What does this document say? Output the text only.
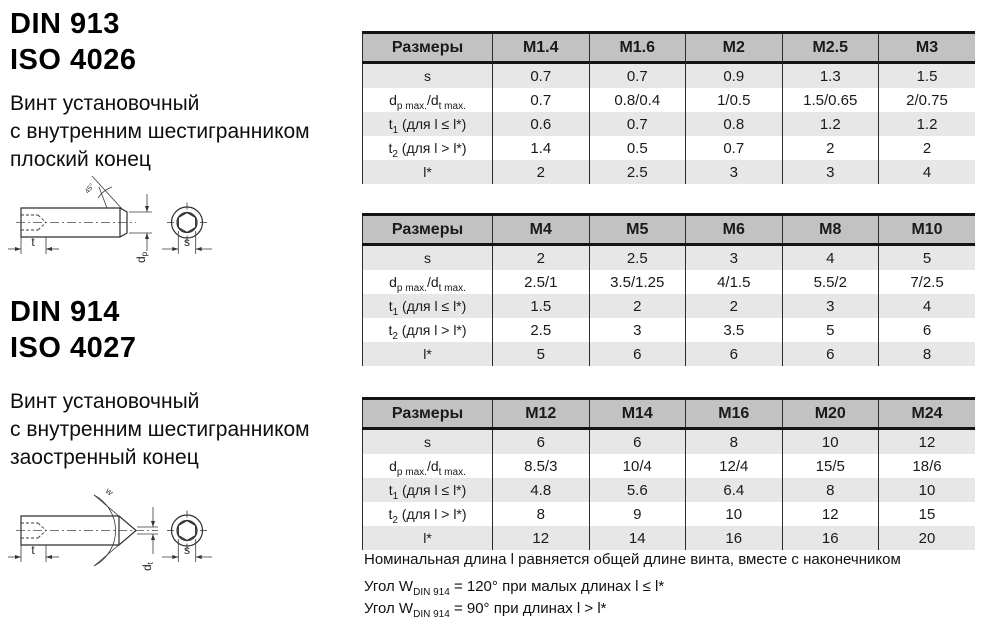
DIN 913
ISO 4026
Винт установочный
с внутренним шестигранником
плоский конец
45°
dp
s
t
DIN 914
ISO 4027
Винт установочный
с внутренним шестигранником
заостренный конец
w
dt
s
t
Размеры	M1.4	M1.6	M2	M2.5	M3
s	0.7	0.7	0.9	1.3	1.5
$d_{p max.}/d_{t max.}$	0.7	0.8/0.4	1/0.5	1.5/0.65	2/0.75
$t_1$ (для l ≤ l*)	0.6	0.7	0.8	1.2	1.2
$t_2$ (для l > l*)	1.4	0.5	0.7	2	2
l*	2	2.5	3	3	4
Размеры	M4	M5	M6	M8	M10
s	2	2.5	3	4	5
$d_{p max.}/d_{t max.}$	2.5/1	3.5/1.25	4/1.5	5.5/2	7/2.5
$t_1$ (для l ≤ l*)	1.5	2	2	3	4
$t_2$ (для l > l*)	2.5	3	3.5	5	6
l*	5	6	6	6	8
Размеры	M12	M14	M16	M20	M24
s	6	6	8	10	12
$d_{p max.}/d_{t max.}$	8.5/3	10/4	12/4	15/5	18/6
$t_1$ (для l ≤ l*)	4.8	5.6	6.4	8	10
$t_2$ (для l > l*)	8	9	10	12	15
l*	12	14	16	16	20
Номинальная длина l равняется общей длине винта, вместе с наконечником
Угол $W_{DIN 914} = 120^\circ$ при малых длинах l ≤ l*
Угол $W_{DIN 914} = 90^\circ$ при длинах l > l*
